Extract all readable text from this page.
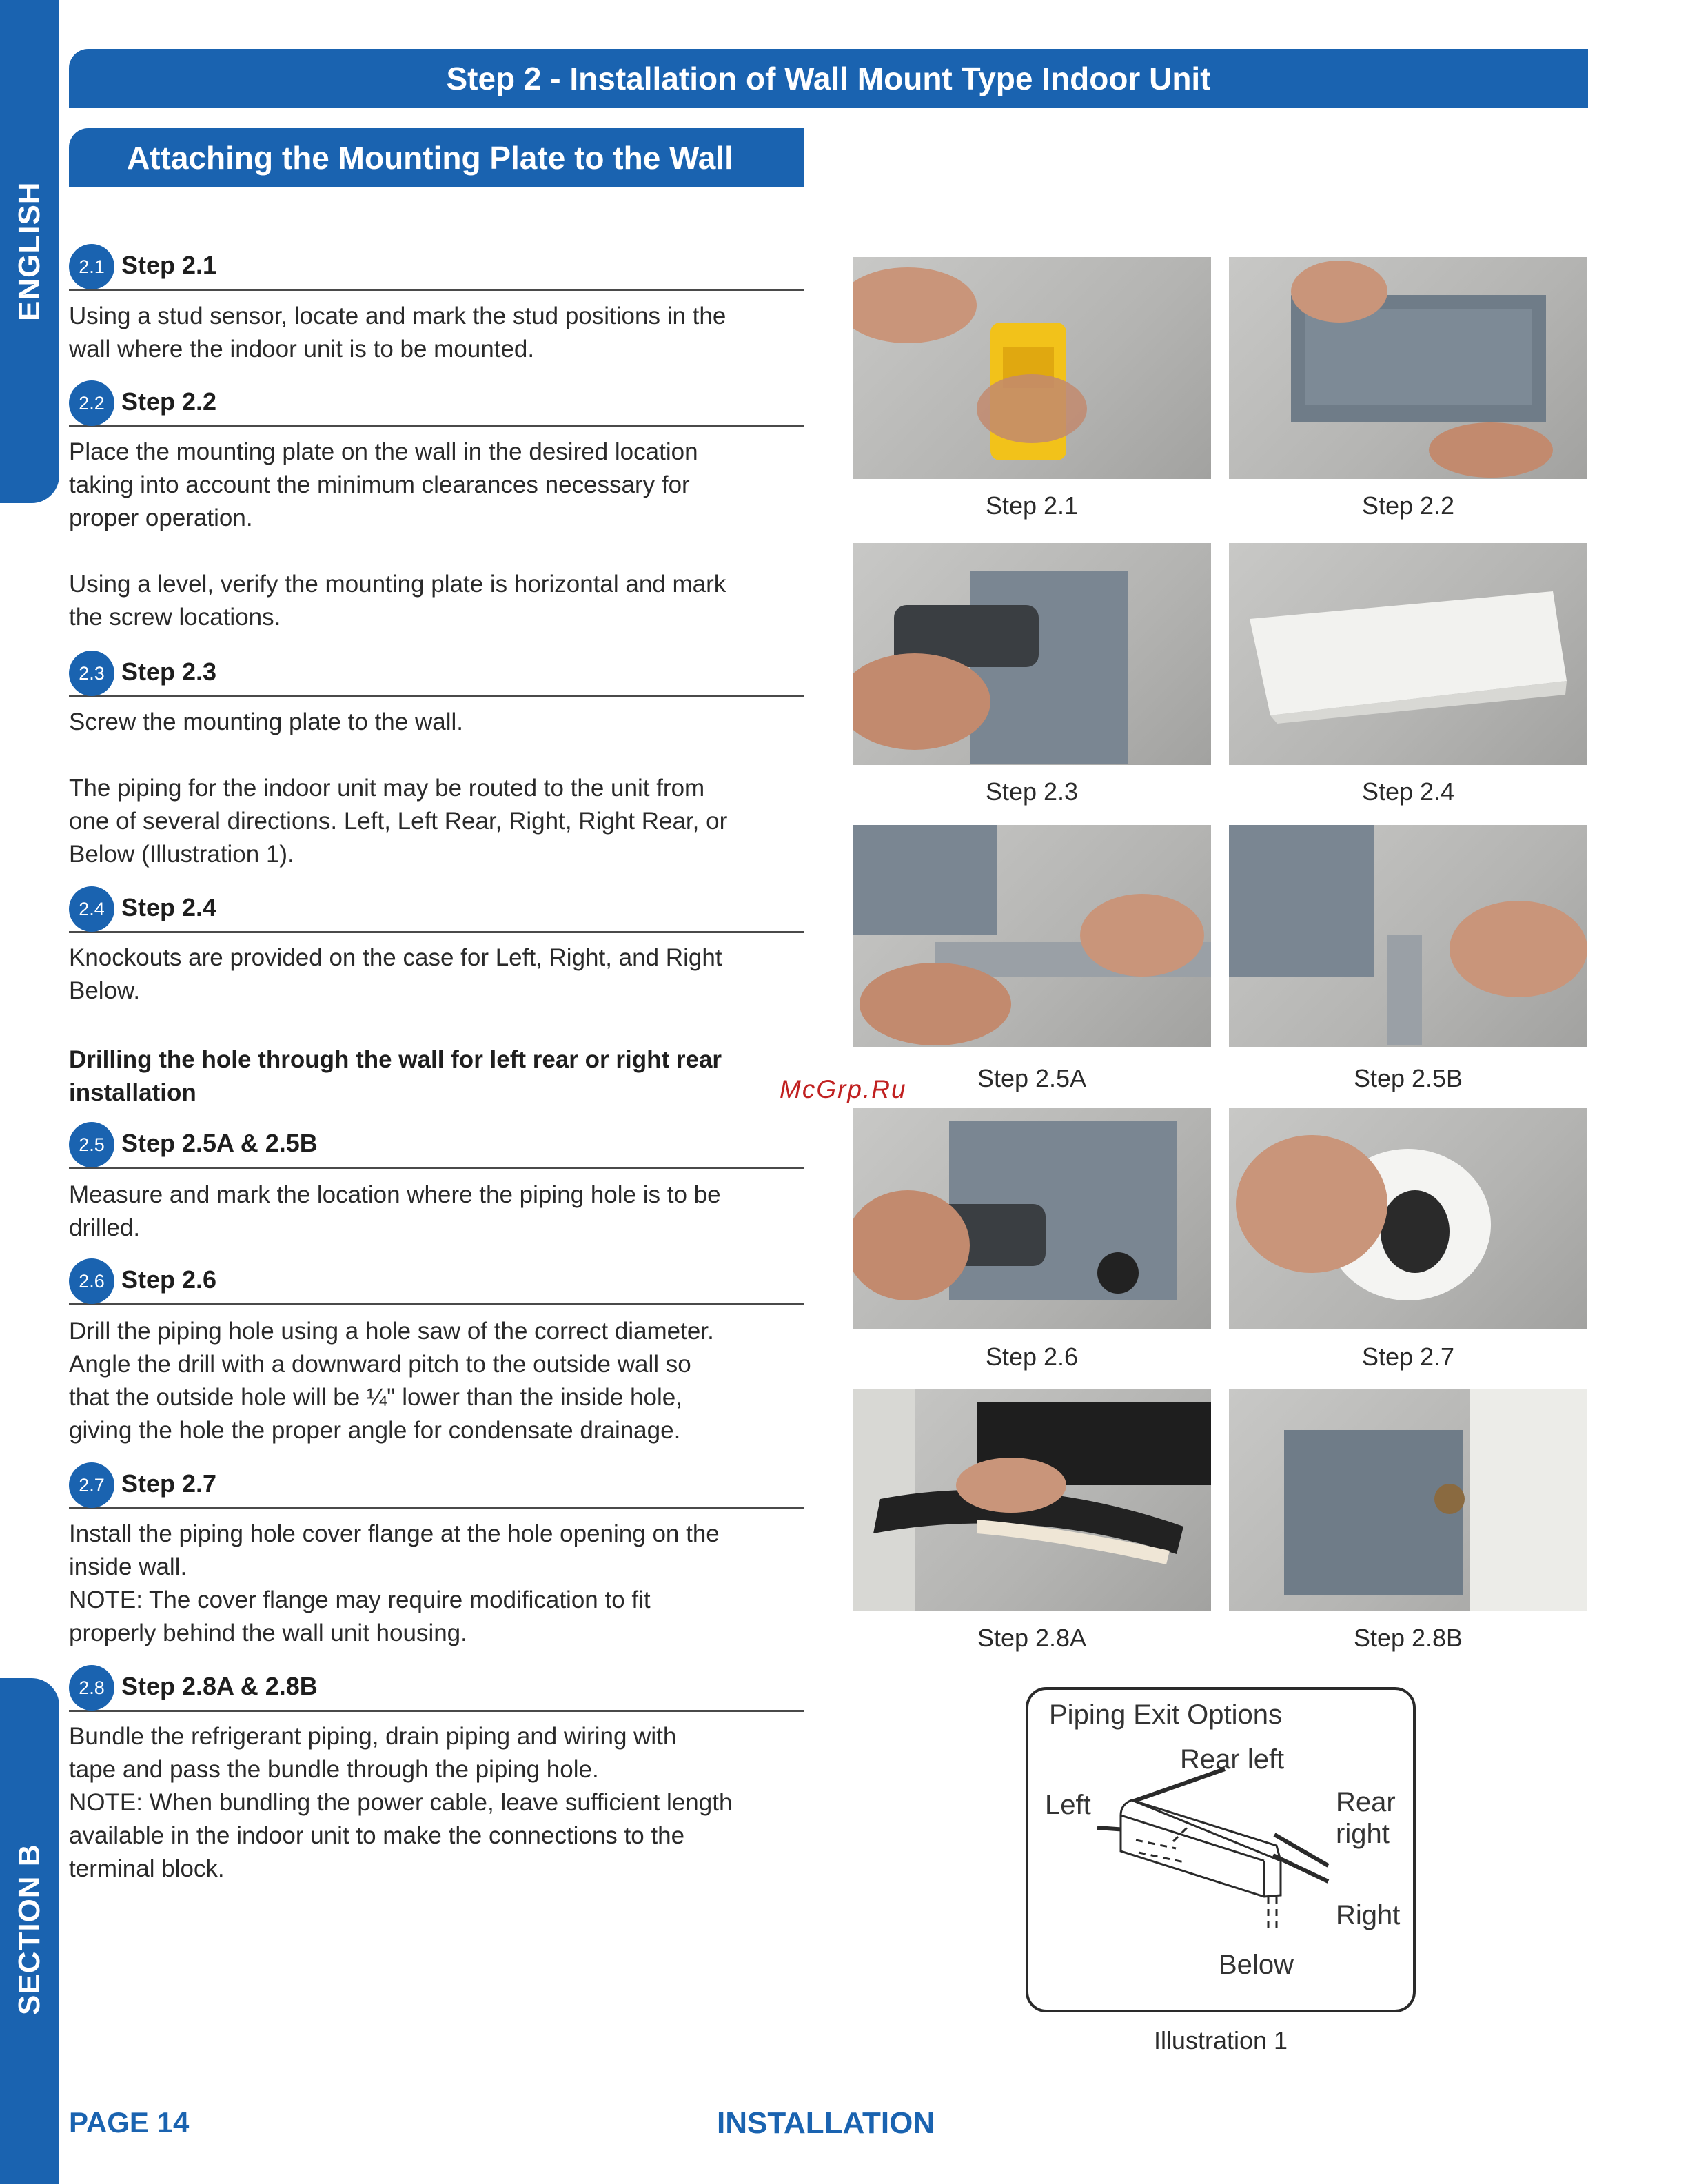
ENGLISH
SECTION B
Step 2 - Installation of Wall Mount Type Indoor Unit
Attaching the Mounting Plate to the Wall
2.1 Step 2.1
Using a stud sensor, locate and mark the stud positions in the
wall where the indoor unit is to be mounted.
2.2 Step 2.2
Place the mounting plate on the wall in the desired location
taking into account the minimum clearances necessary for
proper operation.
Using a level, verify the mounting plate is horizontal and mark
the screw locations.
2.3 Step 2.3
Screw the mounting plate to the wall.
The piping for the indoor unit may be routed to the unit from
one of several directions. Left, Left Rear, Right, Right Rear, or
Below (Illustration 1).
2.4 Step 2.4
Knockouts are provided on the case for Left, Right, and Right
Below.
Drilling the hole through the wall for left rear or right rear
installation
2.5 Step 2.5A & 2.5B
Measure and mark the location where the piping hole is to be
drilled.
2.6 Step 2.6
Drill the piping hole using a hole saw of the correct diameter.
Angle the drill with a downward pitch to the outside wall so
that the outside hole will be ¼" lower than the inside hole,
giving the hole the proper angle for condensate drainage.
2.7 Step 2.7
Install the piping hole cover flange at the hole opening on the
inside wall.
NOTE: The cover flange may require modification to fit
properly behind the wall unit housing.
2.8 Step 2.8A & 2.8B
Bundle the refrigerant piping, drain piping and wiring with
tape and pass the bundle through the piping hole.
NOTE: When bundling the power cable, leave sufficient length
available in the indoor unit to make the connections to the
terminal block.
Step 2.1	Step 2.2
Step 2.3	Step 2.4
Step 2.5A	Step 2.5B
Step 2.6	Step 2.7
Step 2.8A	Step 2.8B
McGrp.Ru
Piping Exit Options
Rear left
Left	Rear
right
Right
Below
Illustration 1
PAGE 14	INSTALLATION
